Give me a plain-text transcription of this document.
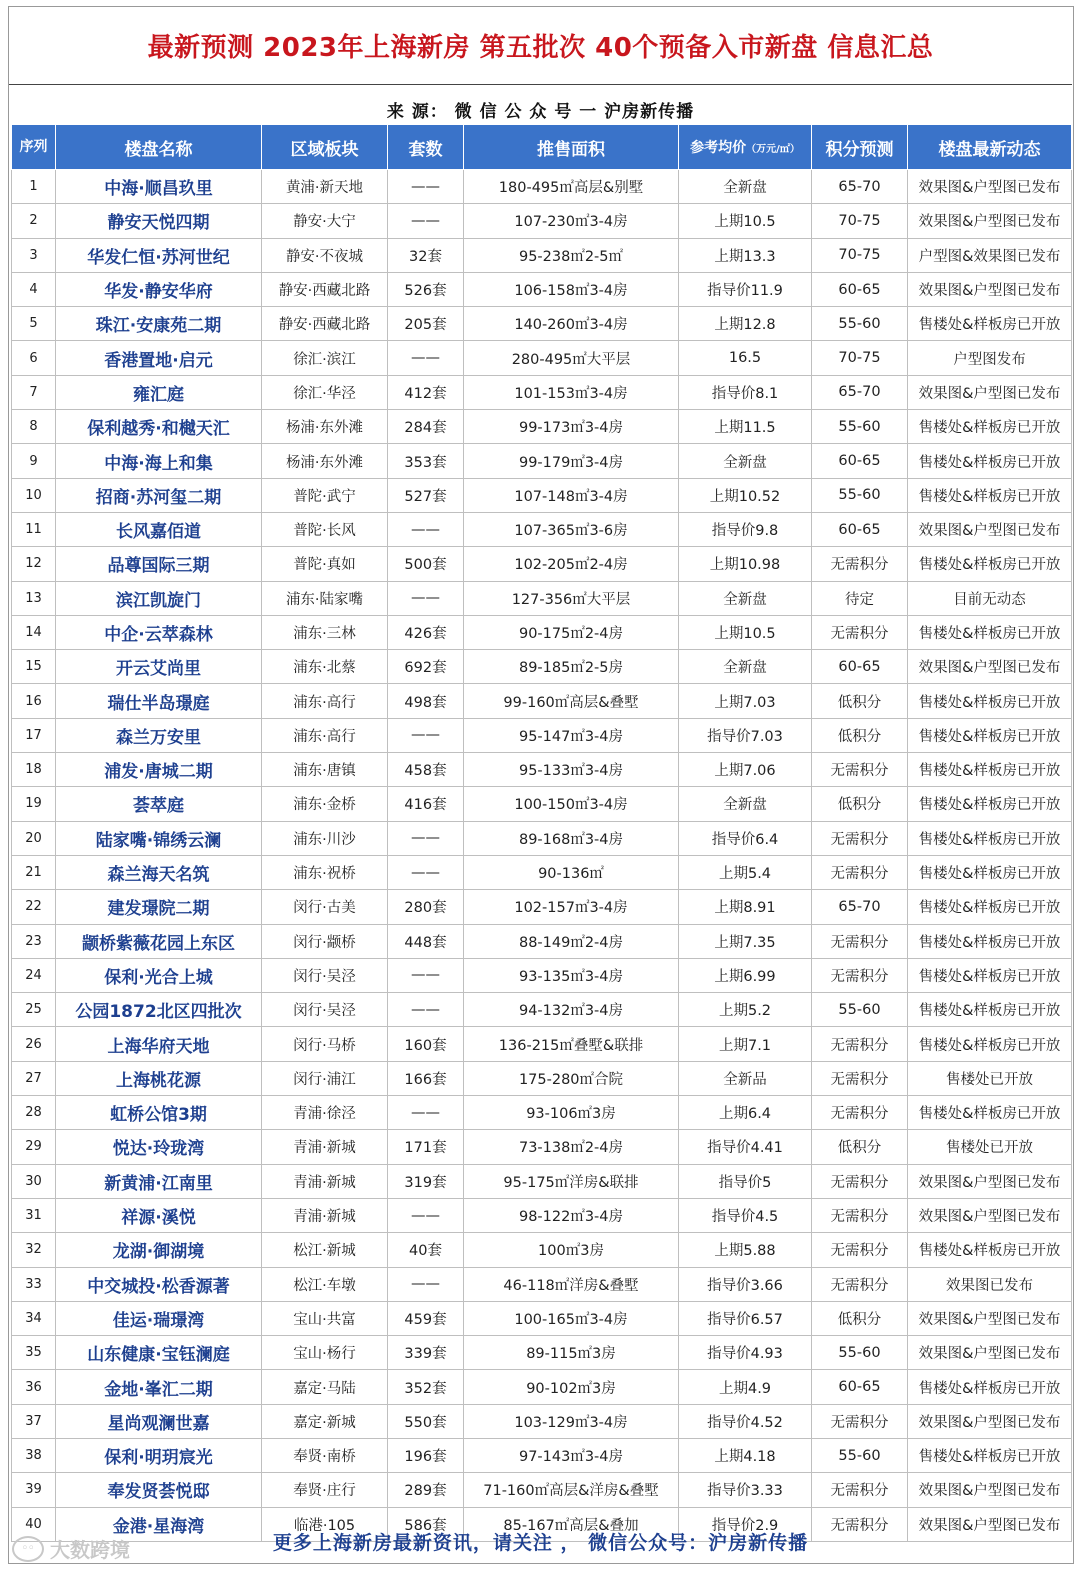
最新预测 2023年上海新房 第五批次 40个预备入市新盘 信息汇总
来 源： 微 信 公 众 号 一 沪房新传播
序列	楼盘名称	区域板块	套数	推售面积	参考均价（万元/㎡）	积分预测	楼盘最新动态
1	中海·顺昌玖里	黄浦·新天地	——	180-495㎡高层&别墅	全新盘	65-70	效果图&户型图已发布
2	静安天悦四期	静安·大宁	——	107-230㎡3-4房	上期10.5	70-75	效果图&户型图已发布
3	华发仁恒·苏河世纪	静安·不夜城	32套	95-238㎡2-5㎡	上期13.3	70-75	户型图&效果图已发布
4	华发·静安华府	静安·西藏北路	526套	106-158㎡3-4房	指导价11.9	60-65	效果图&户型图已发布
5	珠江·安康苑二期	静安·西藏北路	205套	140-260㎡3-4房	上期12.8	55-60	售楼处&样板房已开放
6	香港置地·启元	徐汇·滨江	——	280-495㎡大平层	16.5	70-75	户型图发布
7	雍汇庭	徐汇·华泾	412套	101-153㎡3-4房	指导价8.1	65-70	效果图&户型图已发布
8	保利越秀·和樾天汇	杨浦·东外滩	284套	99-173㎡3-4房	上期11.5	55-60	售楼处&样板房已开放
9	中海·海上和集	杨浦·东外滩	353套	99-179㎡3-4房	全新盘	60-65	售楼处&样板房已开放
10	招商·苏河玺二期	普陀·武宁	527套	107-148㎡3-4房	上期10.52	55-60	售楼处&样板房已开放
11	长风嘉佰道	普陀·长风	——	107-365㎡3-6房	指导价9.8	60-65	效果图&户型图已发布
12	品尊国际三期	普陀·真如	500套	102-205㎡2-4房	上期10.98	无需积分	售楼处&样板房已开放
13	滨江凯旋门	浦东·陆家嘴	——	127-356㎡大平层	全新盘	待定	目前无动态
14	中企·云萃森林	浦东·三林	426套	90-175㎡2-4房	上期10.5	无需积分	售楼处&样板房已开放
15	开云艾尚里	浦东·北蔡	692套	89-185㎡2-5房	全新盘	60-65	效果图&户型图已发布
16	瑞仕半岛璟庭	浦东·高行	498套	99-160㎡高层&叠墅	上期7.03	低积分	售楼处&样板房已开放
17	森兰万安里	浦东·高行	——	95-147㎡3-4房	指导价7.03	低积分	售楼处&样板房已开放
18	浦发·唐城二期	浦东·唐镇	458套	95-133㎡3-4房	上期7.06	无需积分	售楼处&样板房已开放
19	荟萃庭	浦东·金桥	416套	100-150㎡3-4房	全新盘	低积分	售楼处&样板房已开放
20	陆家嘴·锦绣云澜	浦东·川沙	——	89-168㎡3-4房	指导价6.4	无需积分	售楼处&样板房已开放
21	森兰海天名筑	浦东·祝桥	——	90-136㎡	上期5.4	无需积分	售楼处&样板房已开放
22	建发璟院二期	闵行·古美	280套	102-157㎡3-4房	上期8.91	65-70	售楼处&样板房已开放
23	颛桥紫薇花园上东区	闵行·颛桥	448套	88-149㎡2-4房	上期7.35	无需积分	售楼处&样板房已开放
24	保利·光合上城	闵行·吴泾	——	93-135㎡3-4房	上期6.99	无需积分	售楼处&样板房已开放
25	公园1872北区四批次	闵行·吴泾	——	94-132㎡3-4房	上期5.2	55-60	售楼处&样板房已开放
26	上海华府天地	闵行·马桥	160套	136-215㎡叠墅&联排	上期7.1	无需积分	售楼处&样板房已开放
27	上海桃花源	闵行·浦江	166套	175-280㎡合院	全新品	无需积分	售楼处已开放
28	虹桥公馆3期	青浦·徐泾	——	93-106㎡3房	上期6.4	无需积分	售楼处&样板房已开放
29	悦达·玲珑湾	青浦·新城	171套	73-138㎡2-4房	指导价4.41	低积分	售楼处已开放
30	新黄浦·江南里	青浦·新城	319套	95-175㎡洋房&联排	指导价5	无需积分	效果图&户型图已发布
31	祥源·溪悦	青浦·新城	——	98-122㎡3-4房	指导价4.5	无需积分	效果图&户型图已发布
32	龙湖·御湖境	松江·新城	40套	100㎡3房	上期5.88	无需积分	售楼处&样板房已开放
33	中交城投·松香源著	松江·车墩	——	46-118㎡洋房&叠墅	指导价3.66	无需积分	效果图已发布
34	佳运·瑞璟湾	宝山·共富	459套	100-165㎡3-4房	指导价6.57	低积分	效果图&户型图已发布
35	山东健康·宝钰澜庭	宝山·杨行	339套	89-115㎡3房	指导价4.93	55-60	效果图&户型图已发布
36	金地·峯汇二期	嘉定·马陆	352套	90-102㎡3房	上期4.9	60-65	售楼处&样板房已开放
37	星尚观澜世嘉	嘉定·新城	550套	103-129㎡3-4房	指导价4.52	无需积分	效果图&户型图已发布
38	保利·明玥宸光	奉贤·南桥	196套	97-143㎡3-4房	上期4.18	55-60	售楼处&样板房已开放
39	奉发贤荟悦邸	奉贤·庄行	289套	71-160㎡高层&洋房&叠墅	指导价3.33	无需积分	效果图&户型图已发布
40	金港·星海湾	临港·105	586套	85-167㎡高层&叠加	指导价2.9	无需积分	效果图&户型图已发布
更多上海新房最新资讯，请关注 ， 微信公众号：沪房新传播
◦◦ 大数跨境
